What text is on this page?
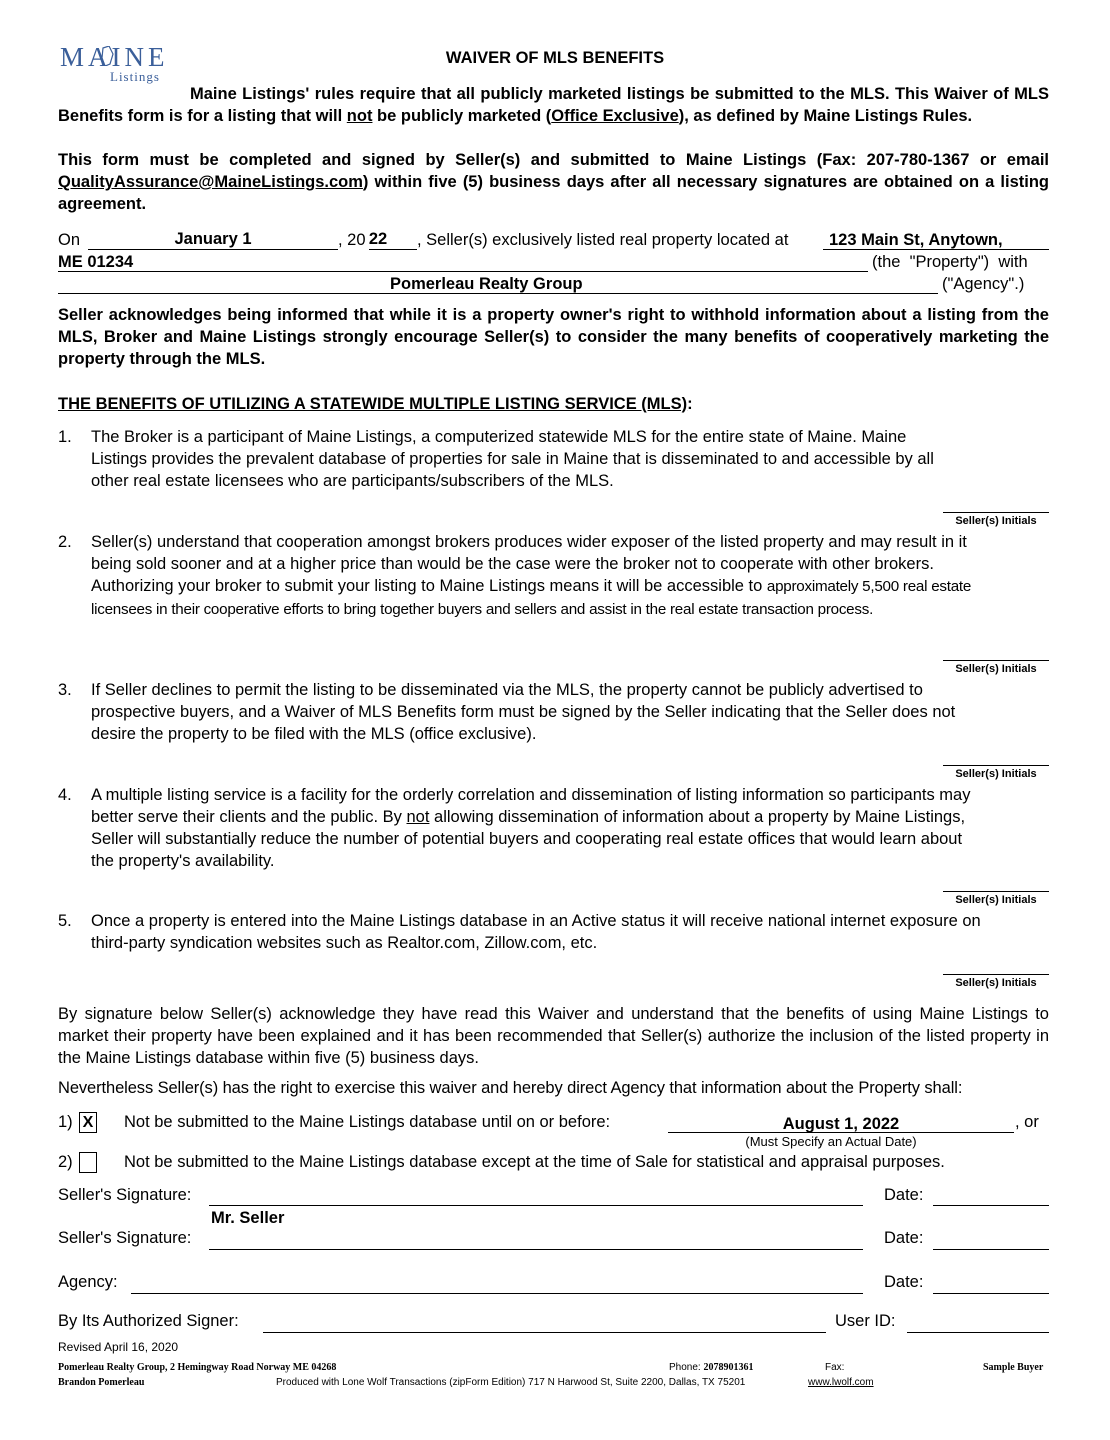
MAINE
Listings
WAIVER OF MLS BENEFITS
Maine Listings' rules require that all publicly marketed listings be submitted to the MLS. This Waiver of MLS Benefits form is for a listing that will not be publicly marketed (Office Exclusive), as defined by Maine Listings Rules.
This form must be completed and signed by Seller(s) and submitted to Maine Listings (Fax: 207-780-1367 or email QualityAssurance@MaineListings.com) within five (5) business days after all necessary signatures are obtained on a listing agreement.
On	January 1	, 20 22 , Seller(s) exclusively listed real property located at 123 Main St, Anytown,
ME 01234	(the  "Property")  with
Pomerleau Realty Group	("Agency".)
Seller acknowledges being informed that while it is a property owner's right to withhold information about a listing from the MLS, Broker and Maine Listings strongly encourage Seller(s) to consider the many benefits of cooperatively marketing the property through the MLS.
THE BENEFITS OF UTILIZING A STATEWIDE MULTIPLE LISTING SERVICE (MLS):
1. The Broker is a participant of Maine Listings, a computerized statewide MLS for the entire state of Maine. Maine Listings provides the prevalent database of properties for sale in Maine that is disseminated to and accessible by all other real estate licensees who are participants/subscribers of the MLS.
Seller(s) Initials
2. Seller(s) understand that cooperation amongst brokers produces wider exposer of the listed property and may result in it being sold sooner and at a higher price than would be the case were the broker not to cooperate with other brokers. Authorizing your broker to submit your listing to Maine Listings means it will be accessible to approximately 5,500 real estate licensees in their cooperative efforts to bring together buyers and sellers and assist in the real estate transaction process.
Seller(s) Initials
3. If Seller declines to permit the listing to be disseminated via the MLS, the property cannot be publicly advertised to prospective buyers, and a Waiver of MLS Benefits form must be signed by the Seller indicating that the Seller does not desire the property to be filed with the MLS (office exclusive).
Seller(s) Initials
4. A multiple listing service is a facility for the orderly correlation and dissemination of listing information so participants may better serve their clients and the public. By not allowing dissemination of information about a property by Maine Listings, Seller will substantially reduce the number of potential buyers and cooperating real estate offices that would learn about the property's availability.
Seller(s) Initials
5. Once a property is entered into the Maine Listings database in an Active status it will receive national internet exposure on third-party syndication websites such as Realtor.com, Zillow.com, etc.
Seller(s) Initials
By signature below Seller(s) acknowledge they have read this Waiver and understand that the benefits of using Maine Listings to market their property have been explained and it has been recommended that Seller(s) authorize the inclusion of the listed property in the Maine Listings database within five (5) business days.
Nevertheless Seller(s) has the right to exercise this waiver and hereby direct Agency that information about the Property shall:
1) X Not be submitted to the Maine Listings database until on or before:	August 1, 2022	, or
(Must Specify an Actual Date)
2)	Not be submitted to the Maine Listings database except at the time of Sale for statistical and appraisal purposes.
Seller's Signature:	Date:
Mr. Seller
Seller's Signature:	Date:
Agency:	Date:
By Its Authorized Signer:	User ID:
Revised April 16, 2020
Pomerleau Realty Group, 2 Hemingway Road Norway ME 04268	Phone: 2078901361	Fax:	Sample Buyer
Brandon Pomerleau	Produced with Lone Wolf Transactions (zipForm Edition) 717 N Harwood St, Suite 2200, Dallas, TX 75201	www.lwolf.com
